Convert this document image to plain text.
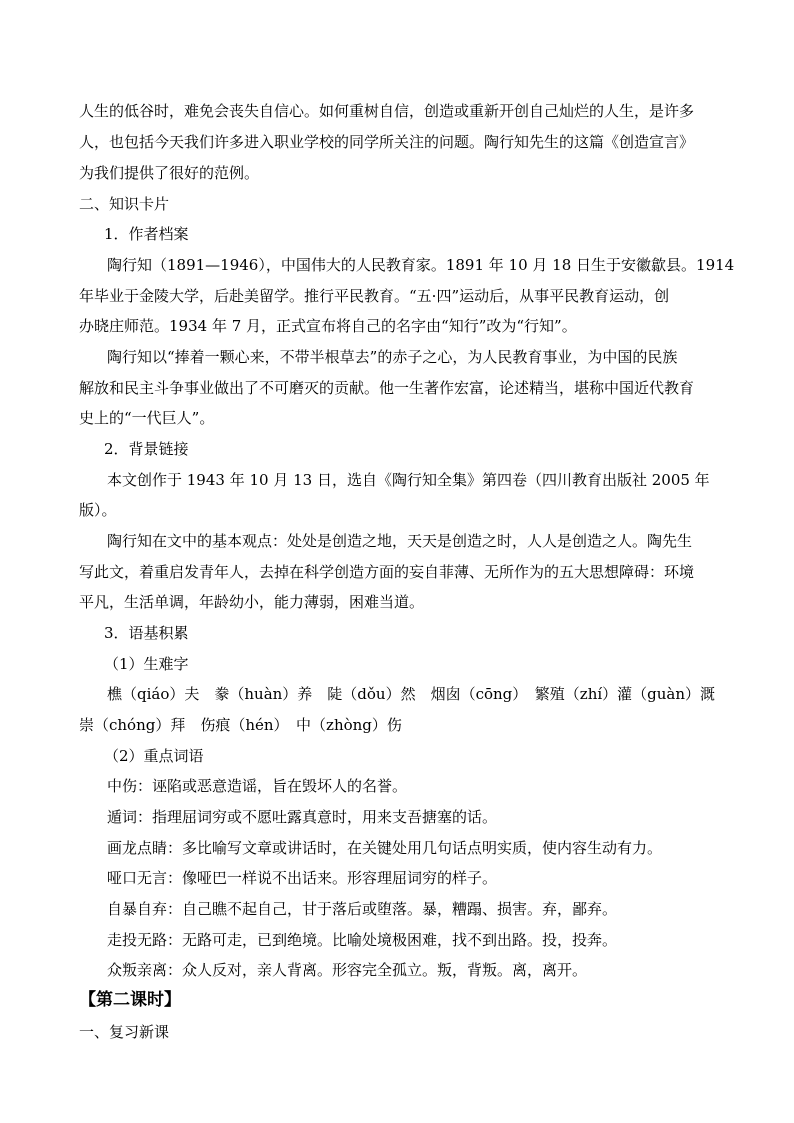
人生的低谷时，难免会丧失自信心。如何重树自信，创造或重新开创自己灿烂的人生，是许多
人，也包括今天我们许多进入职业学校的同学所关注的问题。陶行知先生的这篇《创造宣言》
为我们提供了很好的范例。
二、知识卡片
1．作者档案
陶行知（1891—1946），中国伟大的人民教育家。1891 年 10 月 18 日生于安徽歙县。1914
年毕业于金陵大学，后赴美留学。推行平民教育。“五·四”运动后，从事平民教育运动，创
办晓庄师范。1934 年 7 月，正式宣布将自己的名字由“知行”改为“行知”。
陶行知以“捧着一颗心来，不带半根草去”的赤子之心，为人民教育事业，为中国的民族
解放和民主斗争事业做出了不可磨灭的贡献。他一生著作宏富，论述精当，堪称中国近代教育
史上的“一代巨人”。
2．背景链接
本文创作于 1943 年 10 月 13 日，选自《陶行知全集》第四卷（四川教育出版社 2005 年
版）。
陶行知在文中的基本观点：处处是创造之地，天天是创造之时，人人是创造之人。陶先生
写此文，着重启发青年人，去掉在科学创造方面的妄自菲薄、无所作为的五大思想障碍：环境
平凡，生活单调，年龄幼小，能力薄弱，困难当道。
3．语基积累
（1）生难字
樵（qiáo）夫　豢（huàn）养　陡（dǒu）然　烟囱（cōng）　繁殖（zhí）灌（guàn）溉
崇（chóng）拜　伤痕（hén）　中（zhòng）伤
（2）重点词语
中伤：诬陷或恶意造谣，旨在毁坏人的名誉。
遁词：指理屈词穷或不愿吐露真意时，用来支吾搪塞的话。
画龙点睛：多比喻写文章或讲话时，在关键处用几句话点明实质，使内容生动有力。
哑口无言：像哑巴一样说不出话来。形容理屈词穷的样子。
自暴自弃：自己瞧不起自己，甘于落后或堕落。暴，糟蹋、损害。弃，鄙弃。
走投无路：无路可走，已到绝境。比喻处境极困难，找不到出路。投，投奔。
众叛亲离：众人反对，亲人背离。形容完全孤立。叛，背叛。离，离开。
【第二课时】
一、复习新课
